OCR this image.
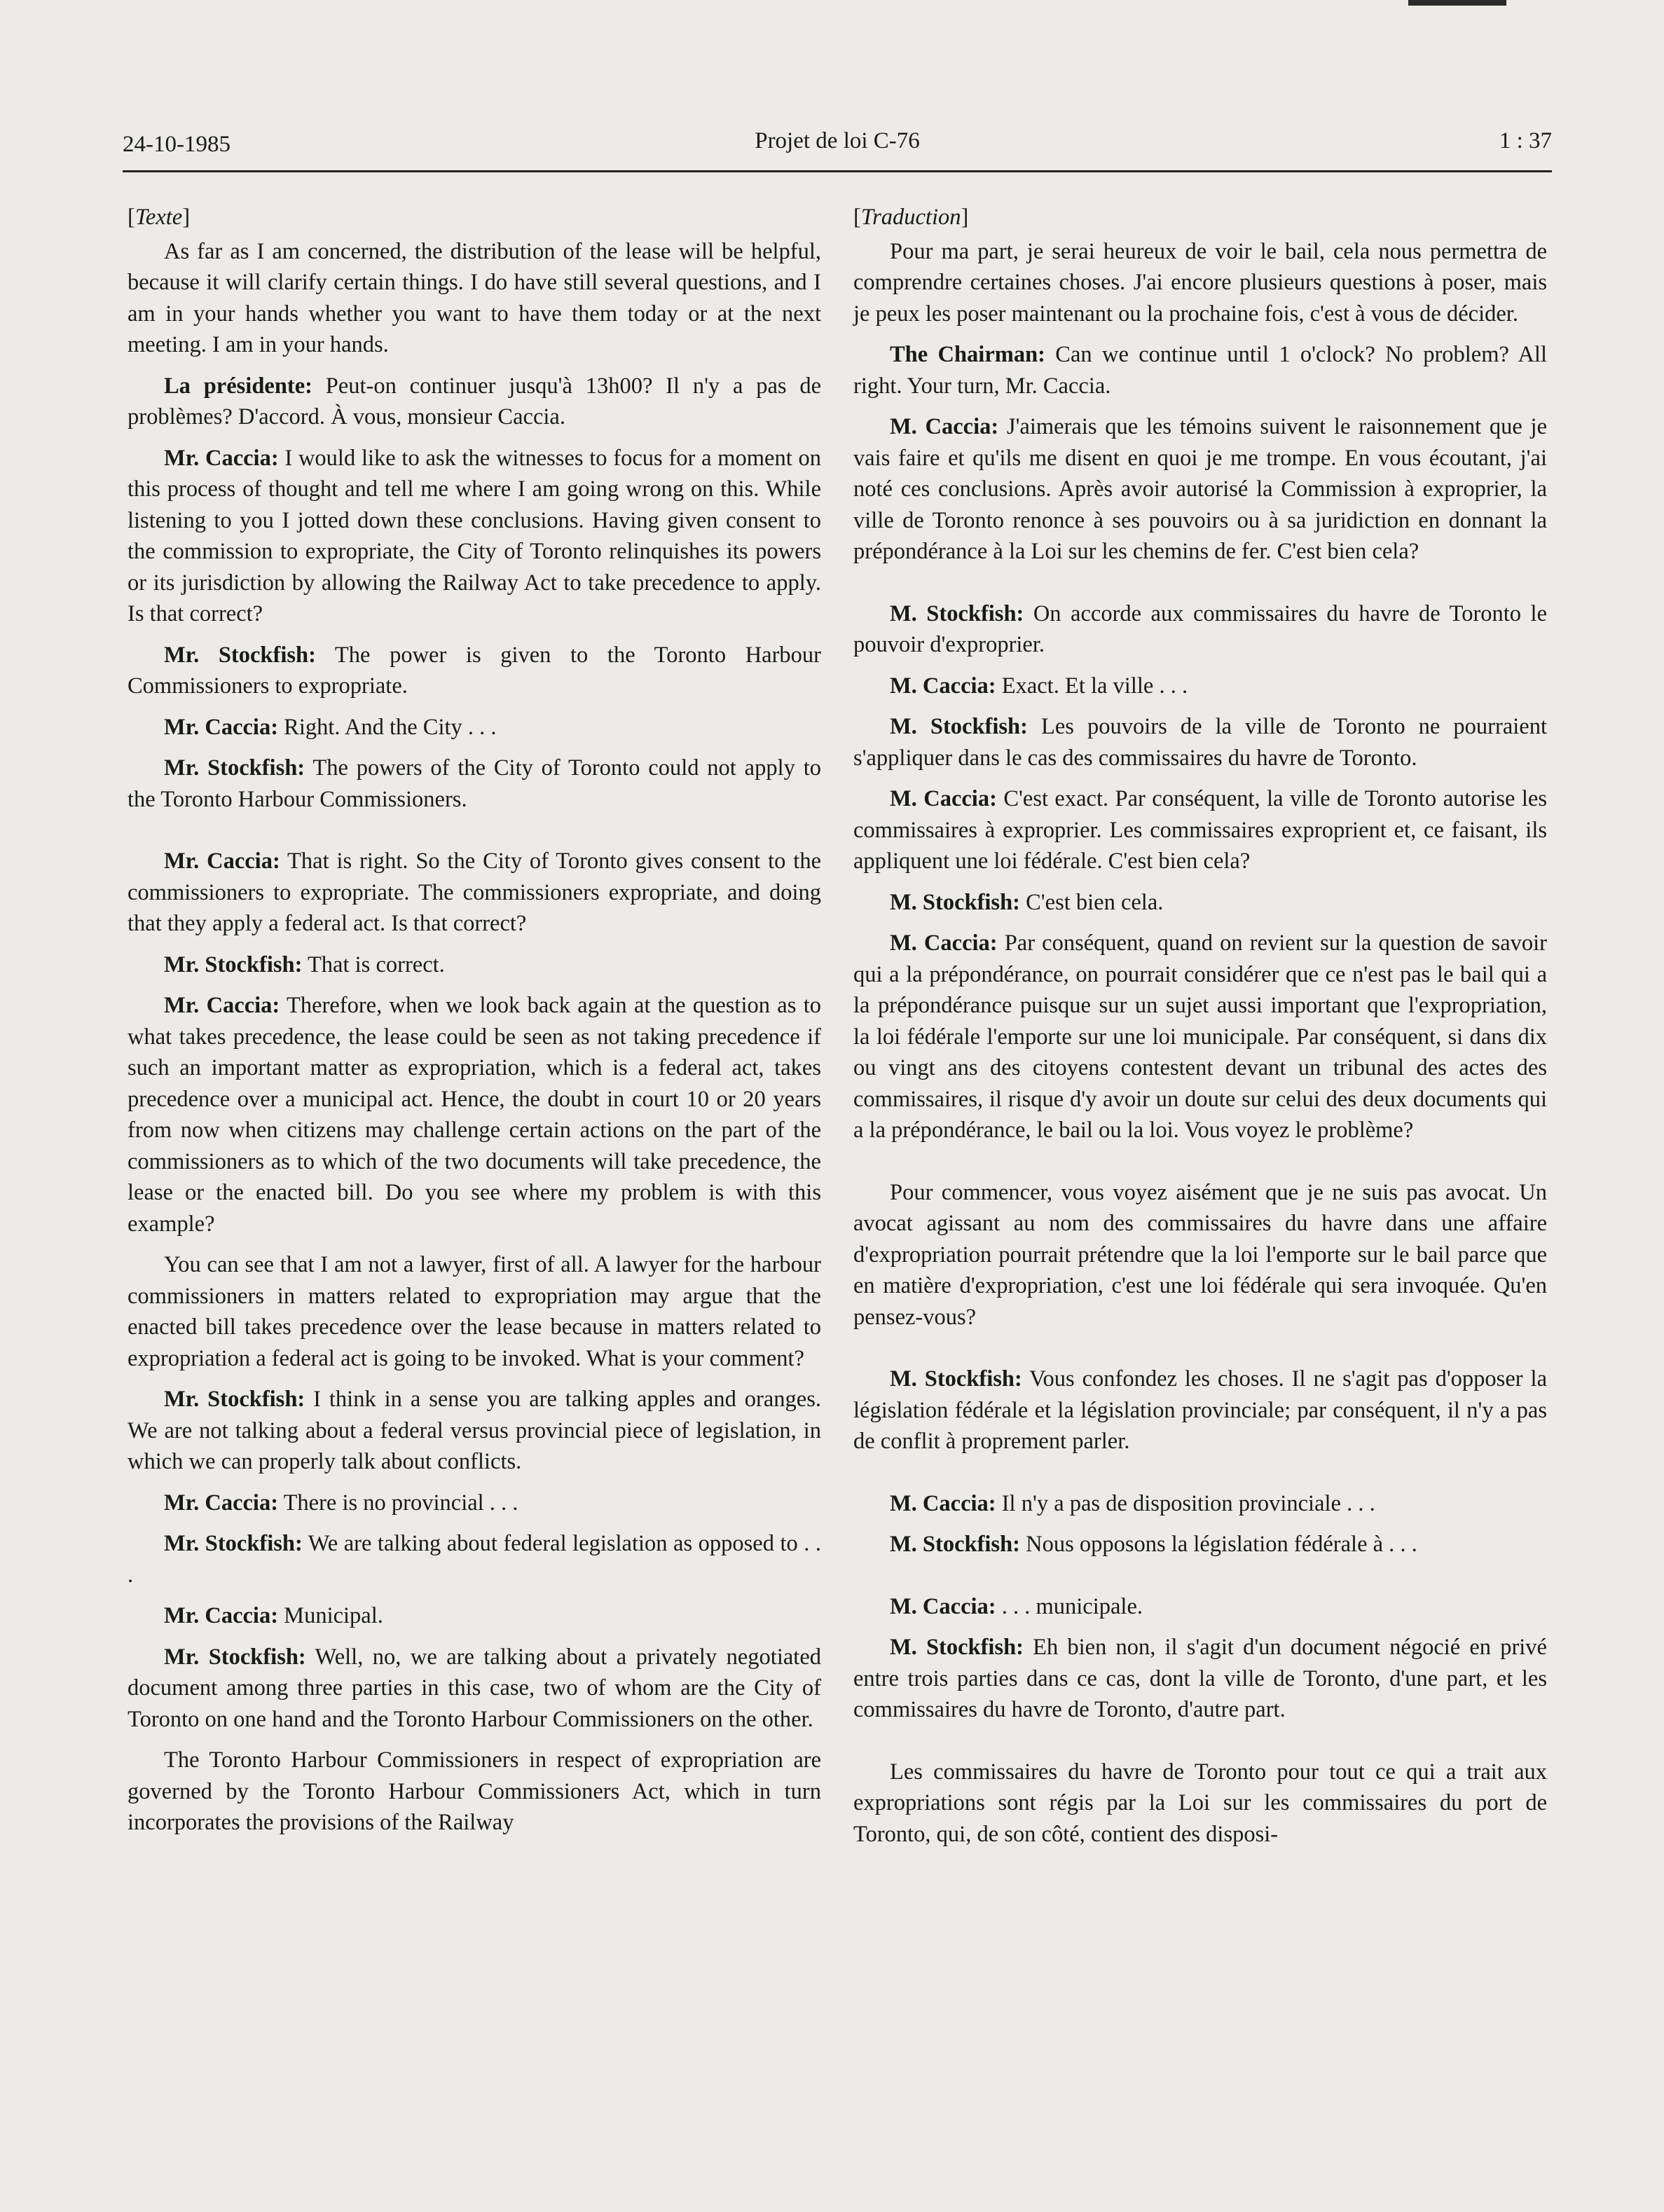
24-10-1985	Projet de loi C-76	1 : 37

[Texte]

As far as I am concerned, the distribution of the lease will be helpful, because it will clarify certain things. I do have still several questions, and I am in your hands whether you want to have them today or at the next meeting. I am in your hands.

La présidente: Peut-on continuer jusqu'à 13h00? Il n'y a pas de problèmes? D'accord. À vous, monsieur Caccia.

Mr. Caccia: I would like to ask the witnesses to focus for a moment on this process of thought and tell me where I am going wrong on this. While listening to you I jotted down these conclusions. Having given consent to the commission to expropriate, the City of Toronto relinquishes its powers or its jurisdiction by allowing the Railway Act to take precedence to apply. Is that correct?

Mr. Stockfish: The power is given to the Toronto Harbour Commissioners to expropriate.

Mr. Caccia: Right. And the City . . .

Mr. Stockfish: The powers of the City of Toronto could not apply to the Toronto Harbour Commissioners.

Mr. Caccia: That is right. So the City of Toronto gives consent to the commissioners to expropriate. The commissioners expropriate, and doing that they apply a federal act. Is that correct?

Mr. Stockfish: That is correct.

Mr. Caccia: Therefore, when we look back again at the question as to what takes precedence, the lease could be seen as not taking precedence if such an important matter as expropriation, which is a federal act, takes precedence over a municipal act. Hence, the doubt in court 10 or 20 years from now when citizens may challenge certain actions on the part of the commissioners as to which of the two documents will take precedence, the lease or the enacted bill. Do you see where my problem is with this example?

You can see that I am not a lawyer, first of all. A lawyer for the harbour commissioners in matters related to expropriation may argue that the enacted bill takes precedence over the lease because in matters related to expropriation a federal act is going to be invoked. What is your comment?

Mr. Stockfish: I think in a sense you are talking apples and oranges. We are not talking about a federal versus provincial piece of legislation, in which we can properly talk about conflicts.

Mr. Caccia: There is no provincial . . .

Mr. Stockfish: We are talking about federal legislation as opposed to . . .

Mr. Caccia: Municipal.

Mr. Stockfish: Well, no, we are talking about a privately negotiated document among three parties in this case, two of whom are the City of Toronto on one hand and the Toronto Harbour Commissioners on the other.

The Toronto Harbour Commissioners in respect of expropriation are governed by the Toronto Harbour Commissioners Act, which in turn incorporates the provisions of the Railway

[Traduction]

Pour ma part, je serai heureux de voir le bail, cela nous permettra de comprendre certaines choses. J'ai encore plusieurs questions à poser, mais je peux les poser maintenant ou la prochaine fois, c'est à vous de décider.

The Chairman: Can we continue until 1 o'clock? No problem? All right. Your turn, Mr. Caccia.

M. Caccia: J'aimerais que les témoins suivent le raisonnement que je vais faire et qu'ils me disent en quoi je me trompe. En vous écoutant, j'ai noté ces conclusions. Après avoir autorisé la Commission à exproprier, la ville de Toronto renonce à ses pouvoirs ou à sa juridiction en donnant la prépondérance à la Loi sur les chemins de fer. C'est bien cela?

M. Stockfish: On accorde aux commissaires du havre de Toronto le pouvoir d'exproprier.

M. Caccia: Exact. Et la ville . . .

M. Stockfish: Les pouvoirs de la ville de Toronto ne pourraient s'appliquer dans le cas des commissaires du havre de Toronto.

M. Caccia: C'est exact. Par conséquent, la ville de Toronto autorise les commissaires à exproprier. Les commissaires exproprient et, ce faisant, ils appliquent une loi fédérale. C'est bien cela?

M. Stockfish: C'est bien cela.

M. Caccia: Par conséquent, quand on revient sur la question de savoir qui a la prépondérance, on pourrait considérer que ce n'est pas le bail qui a la prépondérance puisque sur un sujet aussi important que l'expropriation, la loi fédérale l'emporte sur une loi municipale. Par conséquent, si dans dix ou vingt ans des citoyens contestent devant un tribunal des actes des commissaires, il risque d'y avoir un doute sur celui des deux documents qui a la prépondérance, le bail ou la loi. Vous voyez le problème?

Pour commencer, vous voyez aisément que je ne suis pas avocat. Un avocat agissant au nom des commissaires du havre dans une affaire d'expropriation pourrait prétendre que la loi l'emporte sur le bail parce que en matière d'expropriation, c'est une loi fédérale qui sera invoquée. Qu'en pensez-vous?

M. Stockfish: Vous confondez les choses. Il ne s'agit pas d'opposer la législation fédérale et la législation provinciale; par conséquent, il n'y a pas de conflit à proprement parler.

M. Caccia: Il n'y a pas de disposition provinciale . . .

M. Stockfish: Nous opposons la législation fédérale à . . .

M. Caccia: . . . municipale.

M. Stockfish: Eh bien non, il s'agit d'un document négocié en privé entre trois parties dans ce cas, dont la ville de Toronto, d'une part, et les commissaires du havre de Toronto, d'autre part.

Les commissaires du havre de Toronto pour tout ce qui a trait aux expropriations sont régis par la Loi sur les commissaires du port de Toronto, qui, de son côté, contient des disposi-
